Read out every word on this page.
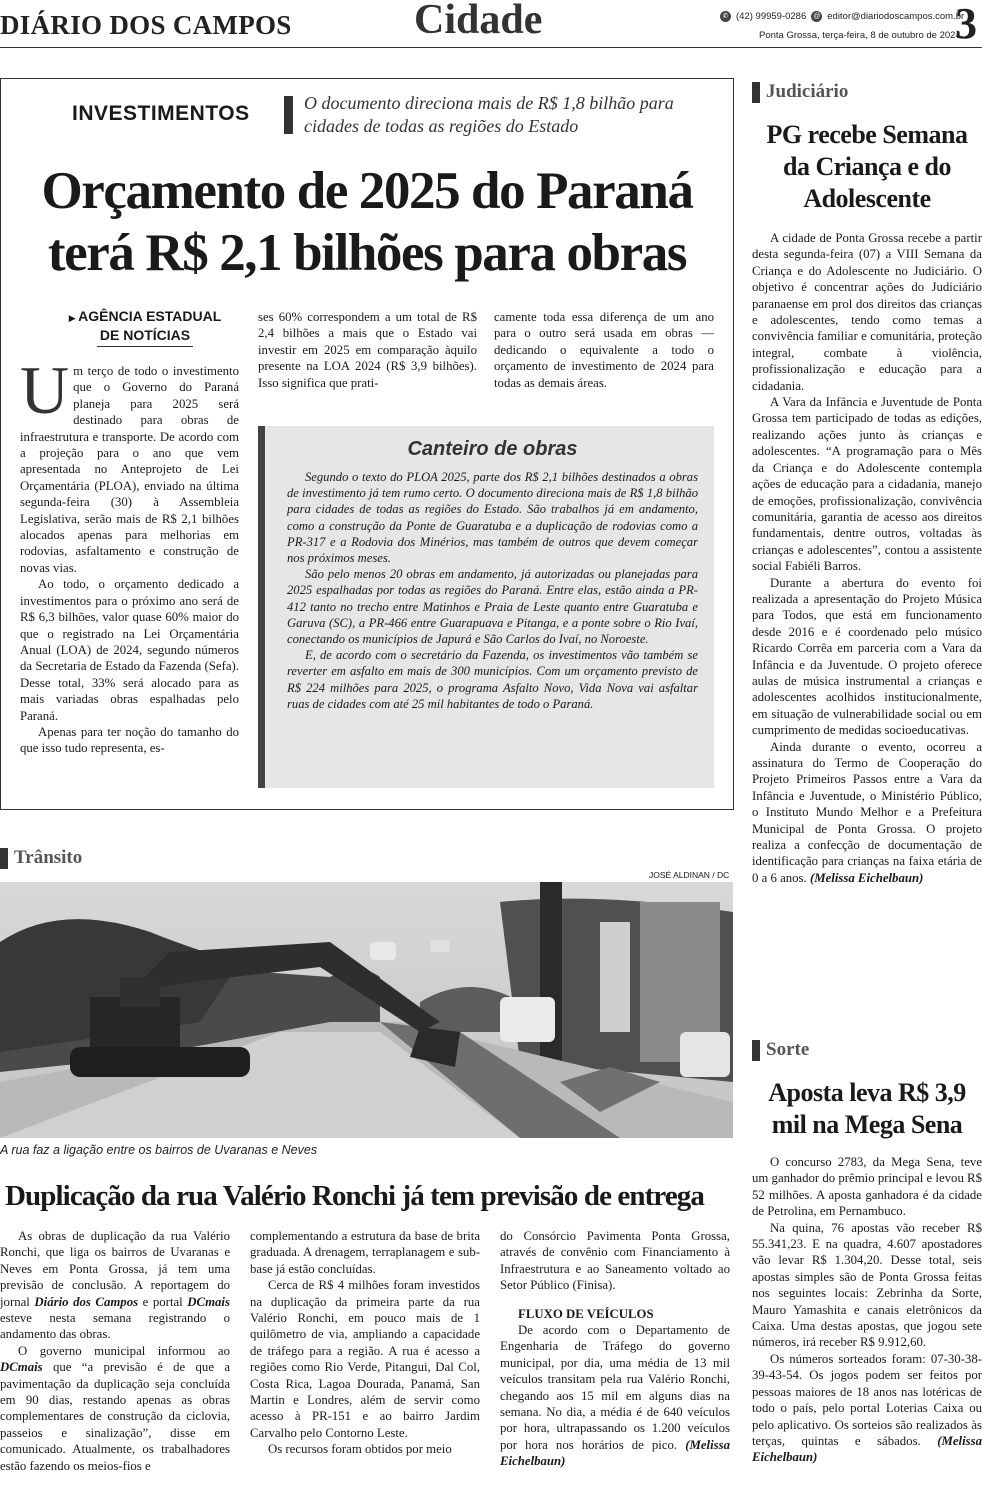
DIÁRIO DOS CAMPOS	Cidade	✆ (42) 99959-0286 @ editor@diariodoscampos.com.br
Ponta Grossa, terça-feira, 8 de outubro de 2024
3
INVESTIMENTOS	O documento direciona mais de R$ 1,8 bilhão para cidades de todas as regiões do Estado
Orçamento de 2025 do Paraná
terá R$ 2,1 bilhões para obras
▶ AGÊNCIA ESTADUAL
DE NOTÍCIAS

Um terço de todo o investimento que o Governo do Paraná planeja para 2025 será destinado para obras de infraestrutura e transporte. De acordo com a projeção para o ano que vem apresentada no Anteprojeto de Lei Orçamentária (PLOA), enviado na última segunda-feira (30) à Assembleia Legislativa, serão mais de R$ 2,1 bilhões alocados apenas para melhorias em rodovias, asfaltamento e construção de novas vias.

Ao todo, o orçamento dedicado a investimentos para o próximo ano será de R$ 6,3 bilhões, valor quase 60% maior do que o registrado na Lei Orçamentária Anual (LOA) de 2024, segundo números da Secretaria de Estado da Fazenda (Sefa). Desse total, 33% será alocado para as mais variadas obras espalhadas pelo Paraná.

Apenas para ter noção do tamanho do que isso tudo representa, es-

ses 60% correspondem a um total de R$ 2,4 bilhões a mais que o Estado vai investir em 2025 em comparação àquilo presente na LOA 2024 (R$ 3,9 bilhões). Isso significa que prati-

camente toda essa diferença de um ano para o outro será usada em obras — dedicando o equivalente a todo o orçamento de investimento de 2024 para todas as demais áreas.

Canteiro de obras

Segundo o texto do PLOA 2025, parte dos R$ 2,1 bilhões destinados a obras de investimento já tem rumo certo. O documento direciona mais de R$ 1,8 bilhão para cidades de todas as regiões do Estado. São trabalhos já em andamento, como a construção da Ponte de Guaratuba e a duplicação de rodovias como a PR-317 e a Rodovia dos Minérios, mas também de outros que devem começar nos próximos meses.

São pelo menos 20 obras em andamento, já autorizadas ou planejadas para 2025 espalhadas por todas as regiões do Paraná. Entre elas, estão ainda a PR-412 tanto no trecho entre Matinhos e Praia de Leste quanto entre Guaratuba e Garuva (SC), a PR-466 entre Guarapuava e Pitanga, e a ponte sobre o Rio Ivaí, conectando os municípios de Japurá e São Carlos do Ivaí, no Noroeste.

E, de acordo com o secretário da Fazenda, os investimentos vão também se reverter em asfalto em mais de 300 municípios. Com um orçamento previsto de R$ 224 milhões para 2025, o programa Asfalto Novo, Vida Nova vai asfaltar ruas de cidades com até 25 mil habitantes de todo o Paraná.

Trânsito
JOSÉ ALDINAN / DC
A rua faz a ligação entre os bairros de Uvaranas e Neves
Duplicação da rua Valério Ronchi já tem previsão de entrega

As obras de duplicação da rua Valério Ronchi, que liga os bairros de Uvaranas e Neves em Ponta Grossa, já tem uma previsão de conclusão. A reportagem do jornal Diário dos Campos e portal DCmais esteve nesta semana registrando o andamento das obras.

O governo municipal informou ao DCmais que “a previsão é de que a pavimentação da duplicação seja concluída em 90 dias, restando apenas as obras complementares de construção da ciclovia, passeios e sinalização”, disse em comunicado. Atualmente, os trabalhadores estão fazendo os meios-fios e

complementando a estrutura da base de brita graduada. A drenagem, terraplanagem e sub-base já estão concluídas.

Cerca de R$ 4 milhões foram investidos na duplicação da primeira parte da rua Valério Ronchi, em pouco mais de 1 quilômetro de via, ampliando a capacidade de tráfego para a região. A rua é acesso a regiões como Rio Verde, Pitangui, Dal Col, Costa Rica, Lagoa Dourada, Panamá, San Martin e Londres, além de servir como acesso à PR-151 e ao bairro Jardim Carvalho pelo Contorno Leste.

Os recursos foram obtidos por meio

do Consórcio Pavimenta Ponta Grossa, através de convênio com Financiamento à Infraestrutura e ao Saneamento voltado ao Setor Público (Finisa).

FLUXO DE VEÍCULOS

De acordo com o Departamento de Engenharia de Tráfego do governo municipal, por dia, uma média de 13 mil veículos transitam pela rua Valério Ronchi, chegando aos 15 mil em alguns dias na semana. No dia, a média é de 640 veículos por hora, ultrapassando os 1.200 veículos por hora nos horários de pico. (Melissa Eichelbaun)

Judiciário
PG recebe Semana da Criança e do Adolescente

A cidade de Ponta Grossa recebe a partir desta segunda-feira (07) a VIII Semana da Criança e do Adolescente no Judiciário. O objetivo é concentrar ações do Judiciário paranaense em prol dos direitos das crianças e adolescentes, tendo como temas a convivência familiar e comunitária, proteção integral, combate à violência, profissionalização e educação para a cidadania.

A Vara da Infância e Juventude de Ponta Grossa tem participado de todas as edições, realizando ações junto às crianças e adolescentes. “A programação para o Mês da Criança e do Adolescente contempla ações de educação para a cidadania, manejo de emoções, profissionalização, convivência comunitária, garantia de acesso aos direitos fundamentais, dentre outros, voltadas às crianças e adolescentes”, contou a assistente social Fabiéli Barros.

Durante a abertura do evento foi realizada a apresentação do Projeto Música para Todos, que está em funcionamento desde 2016 e é coordenado pelo músico Ricardo Corrêa em parceria com a Vara da Infância e da Juventude. O projeto oferece aulas de música instrumental a crianças e adolescentes acolhidos institucionalmente, em situação de vulnerabilidade social ou em cumprimento de medidas socioeducativas.

Ainda durante o evento, ocorreu a assinatura do Termo de Cooperação do Projeto Primeiros Passos entre a Vara da Infância e Juventude, o Ministério Público, o Instituto Mundo Melhor e a Prefeitura Municipal de Ponta Grossa. O projeto realiza a confecção de documentação de identificação para crianças na faixa etária de 0 a 6 anos. (Melissa Eichelbaun)

Sorte
Aposta leva R$ 3,9 mil na Mega Sena

O concurso 2783, da Mega Sena, teve um ganhador do prêmio principal e levou R$ 52 milhões. A aposta ganhadora é da cidade de Petrolina, em Pernambuco.

Na quina, 76 apostas vão receber R$ 55.341,23. E na quadra, 4.607 apostadores vão levar R$ 1.304,20. Desse total, seis apostas simples são de Ponta Grossa feitas nos seguintes locais: Zebrinha da Sorte, Mauro Yamashita e canais eletrônicos da Caixa. Uma destas apostas, que jogou sete números, irá receber R$ 9.912,60.

Os números sorteados foram: 07-30-38-39-43-54. Os jogos podem ser feitos por pessoas maiores de 18 anos nas lotéricas de todo o país, pelo portal Loterias Caixa ou pelo aplicativo. Os sorteios são realizados às terças, quintas e sábados. (Melissa Eichelbaun)
